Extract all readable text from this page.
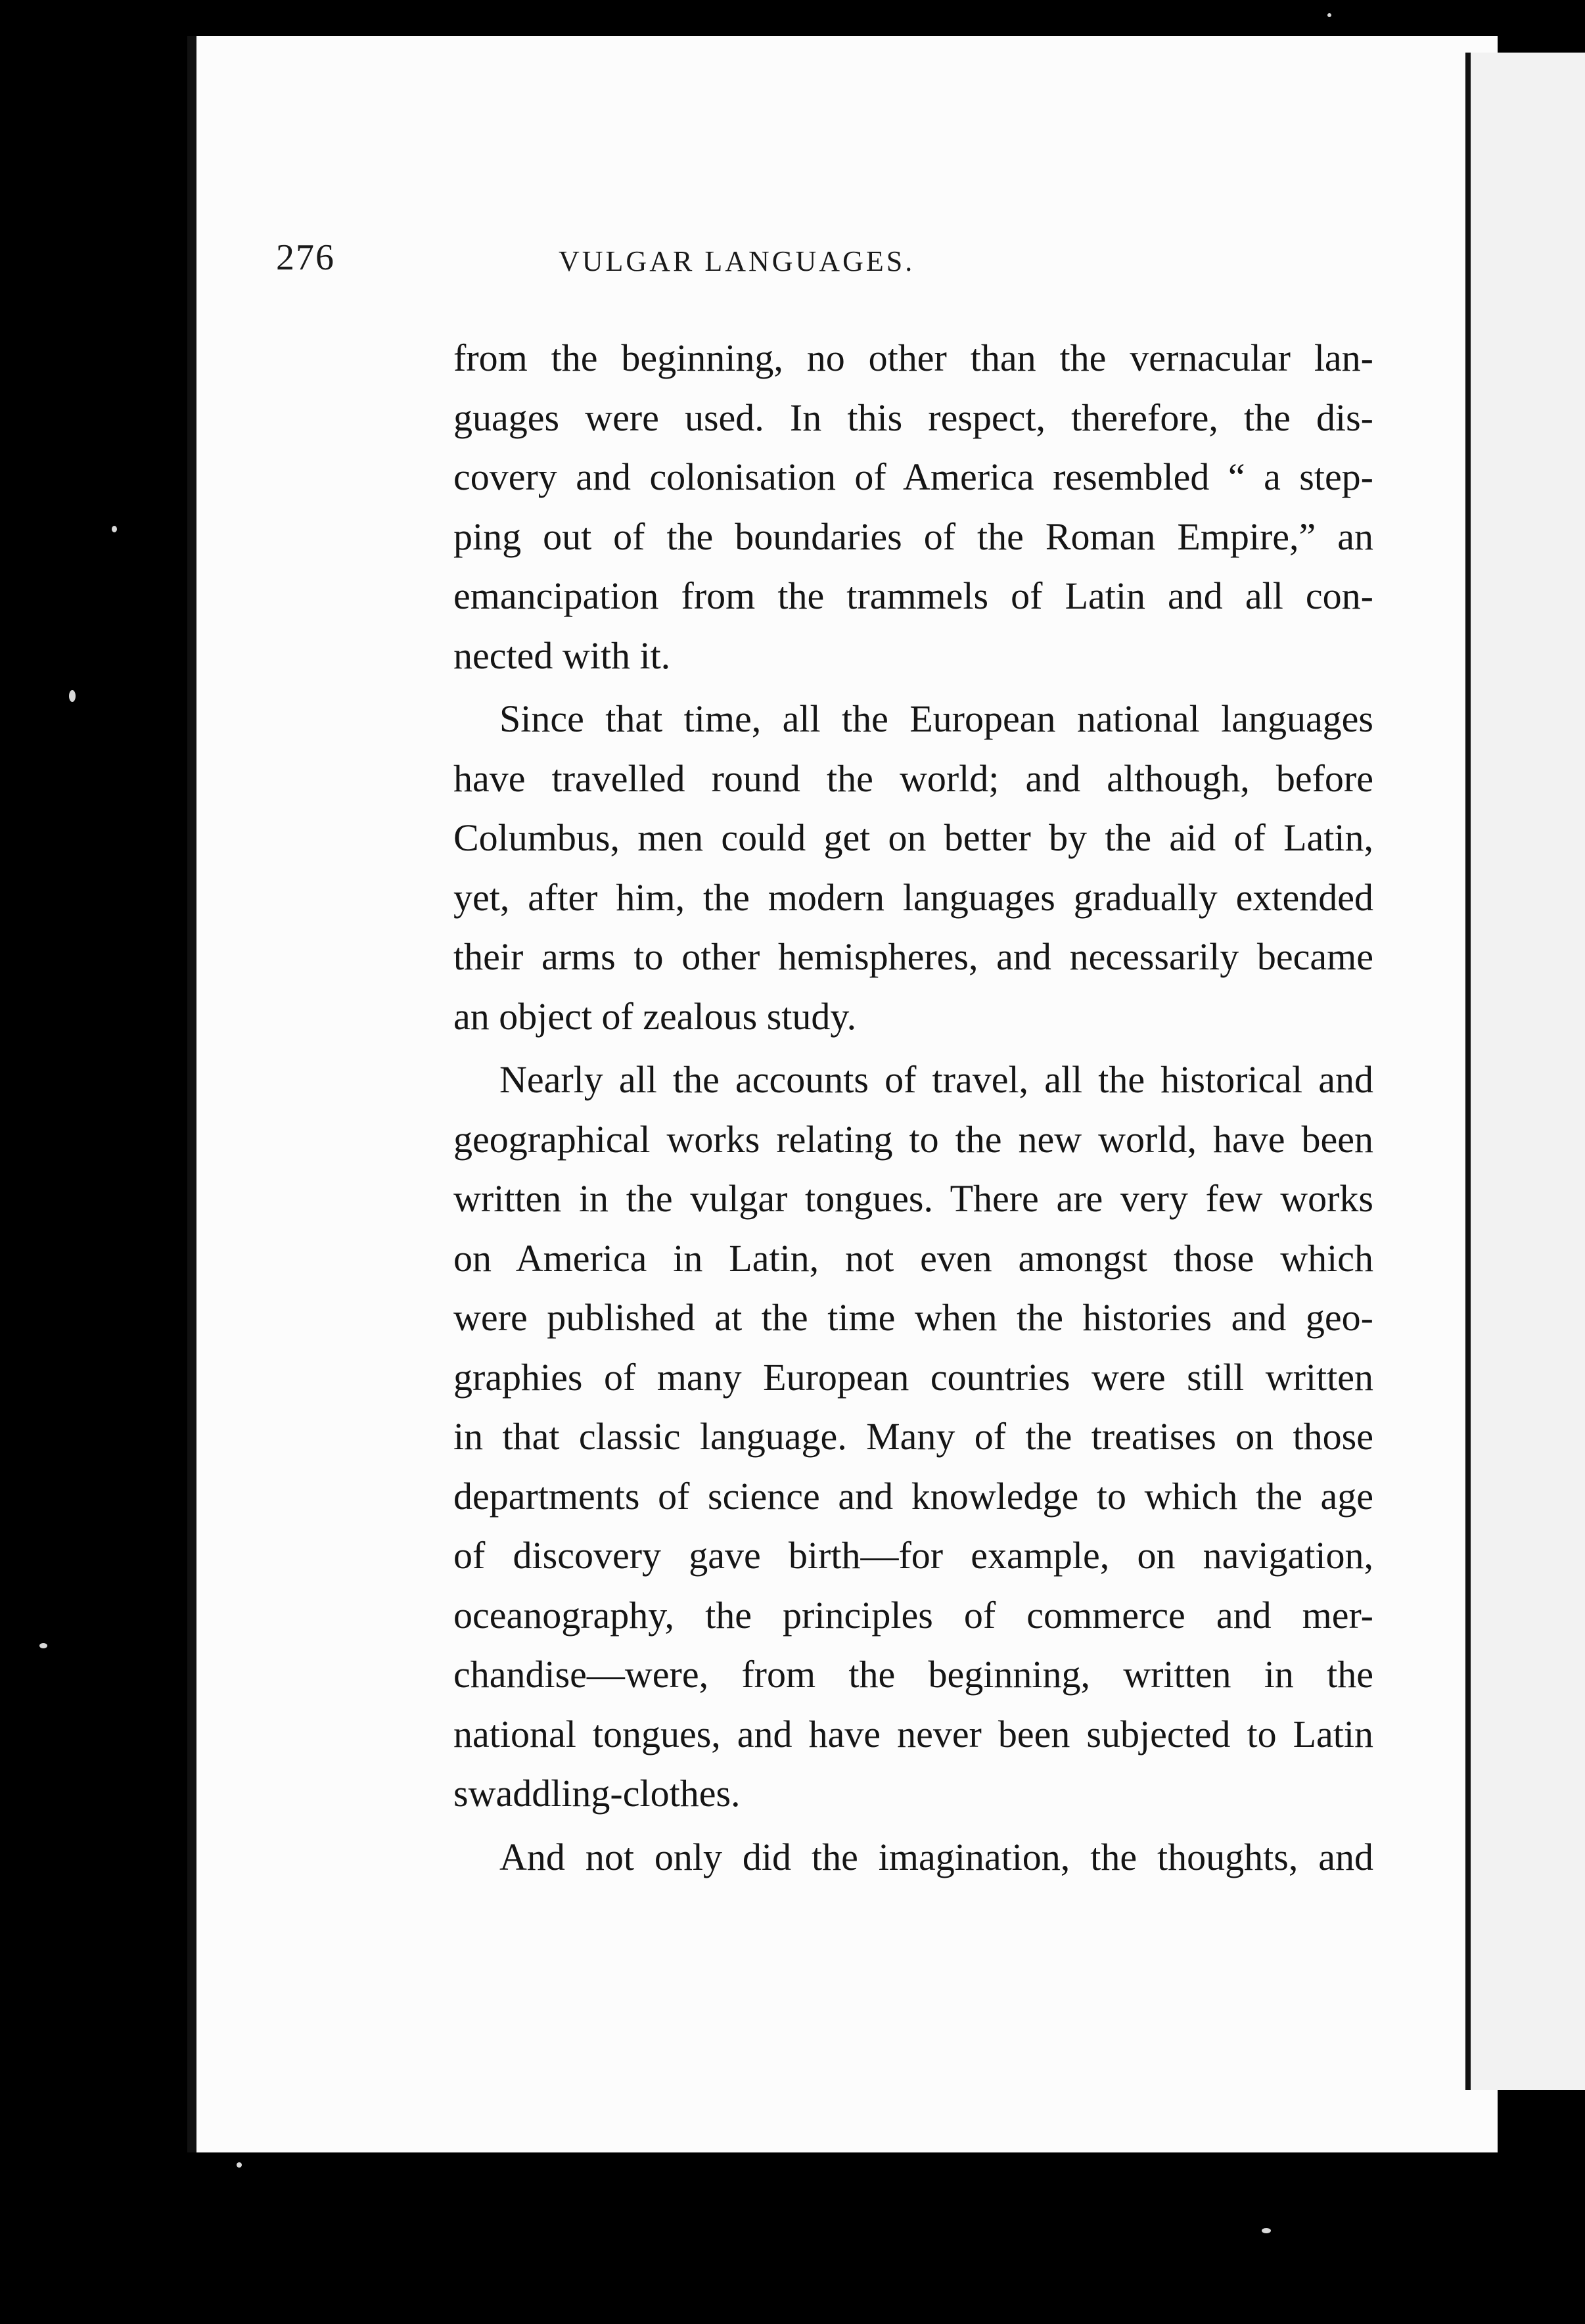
276	VULGAR LANGUAGES.
from the beginning, no other than the vernacular lan-
guages were used. In this respect, therefore, the dis-
covery and colonisation of America resembled “ a step-
ping out of the boundaries of the Roman Empire,” an
emancipation from the trammels of Latin and all con-
nected with it.
Since that time, all the European national languages
have travelled round the world; and although, before
Columbus, men could get on better by the aid of Latin,
yet, after him, the modern languages gradually extended
their arms to other hemispheres, and necessarily became
an object of zealous study.
Nearly all the accounts of travel, all the historical and
geographical works relating to the new world, have been
written in the vulgar tongues. There are very few works
on America in Latin, not even amongst those which
were published at the time when the histories and geo-
graphies of many European countries were still written
in that classic language. Many of the treatises on those
departments of science and knowledge to which the age
of discovery gave birth—for example, on navigation,
oceanography, the principles of commerce and mer-
chandise—were, from the beginning, written in the
national tongues, and have never been subjected to Latin
swaddling-clothes.
And not only did the imagination, the thoughts, and
